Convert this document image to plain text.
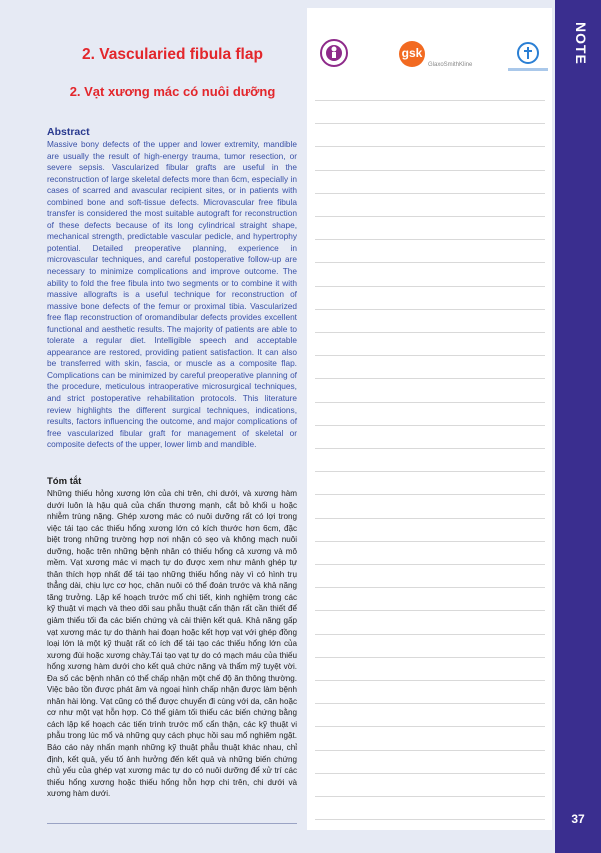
2. Vascularied fibula flap
2. Vạt xương mác có nuôi dưỡng
Abstract

Massive bony defects of the upper and lower extremity, mandible are usually the result of high-energy trauma, tumor resection, or severe sepsis. Vascularized fibular grafts are useful in the reconstruction of large skeletal defects more than 6cm, especially in cases of scarred and avascular recipient sites, or in patients with combined bone and soft-tissue defects. Microvascular free fibula transfer is considered the most suitable autograft for reconstruction of these defects because of its long cylindrical straight shape, mechanical strength, predictable vascular pedicle, and hypertrophy potential. Detailed preoperative planning, experience in microvascular techniques, and careful postoperative follow-up are necessary to minimize complications and improve outcome. The ability to fold the free fibula into two segments or to combine it with massive allografts is a useful technique for reconstruction of massive bone defects of the femur or proximal tibia. Vascularized free flap reconstruction of oromandibular defects provides excellent functional and aesthetic results. The majority of patients are able to tolerate a regular diet. Intelligible speech and acceptable appearance are restored, providing patient satisfaction. It can also be transferred with skin, fascia, or muscle as a composite flap. Complications can be minimized by careful preoperative planning of the procedure, meticulous intraoperative microsurgical techniques, and strict postoperative rehabilitation protocols. This literature review highlights the different surgical techniques, indications, results, factors influencing the outcome, and major complications of free vascularized fibular graft for management of skeletal or composite defects of the upper, lower limb and mandible.

Tóm tắt

Những thiếu hỏng xương lớn của chi trên, chi dưới, và xương hàm dưới luôn là hậu quả của chấn thương mạnh, cắt bỏ khối u hoặc nhiễm trùng nặng. Ghép xương mác có nuôi dưỡng rất có lợi trong việc tái tạo các thiếu hổng xương lớn có kích thước hơn 6cm, đặc biệt trong những trường hợp nơi nhận có sẹo và không mạch nuôi dưỡng, hoặc trên những bệnh nhân có thiếu hổng cả xương và mô mềm. Vạt xương mác vi mạch tự do được xem như mảnh ghép tự thân thích hợp nhất để tái tạo những thiếu hổng này vì có hình trụ thẳng dài, chịu lực cơ học, chân nuôi có thể đoán trước và khả năng tăng trưởng. Lập kế hoạch trước mổ chi tiết, kinh nghiệm trong các kỹ thuật vi mạch và theo dõi sau phẫu thuật cẩn thận rất cần thiết để giảm thiểu tối đa các biến chứng và cải thiện kết quả. Khả năng gấp vạt xương mác tự do thành hai đoạn hoặc kết hợp vạt với ghép đồng loại lớn là một kỹ thuật rất có ích để tái tạo các thiếu hổng lớn của xương đùi hoặc xương chày.Tái tạo vạt tự do có mạch máu của thiếu hổng xương hàm dưới cho kết quả chức năng và thẩm mỹ tuyệt vời. Đa số các bệnh nhân có thể chấp nhận một chế độ ăn thông thường. Việc bảo tồn được phát âm và ngoại hình chấp nhận được làm bệnh nhân hài lòng. Vạt cũng có thể được chuyển đi cùng với da, cân hoặc cơ như một vạt hỗn hợp. Có thể giảm tối thiểu các biến chứng bằng cách lập kế hoạch các tiến trình trước mổ cẩn thận, các kỹ thuật vi phẫu trong lúc mổ và những quy cách phục hồi sau mổ nghiêm ngặt. Báo cáo này nhấn mạnh những kỹ thuật phẫu thuật khác nhau, chỉ định, kết quả, yếu tố ảnh hưởng đến kết quả và những biến chứng chủ yếu của ghép vạt xương mác tự do có nuôi dưỡng để xử trí các thiếu hổng xương hoặc thiếu hổng hỗn hợp chi trên, chi dưới và xương hàm dưới.

gsk
GlaxoSmithKline
NOTE
37
